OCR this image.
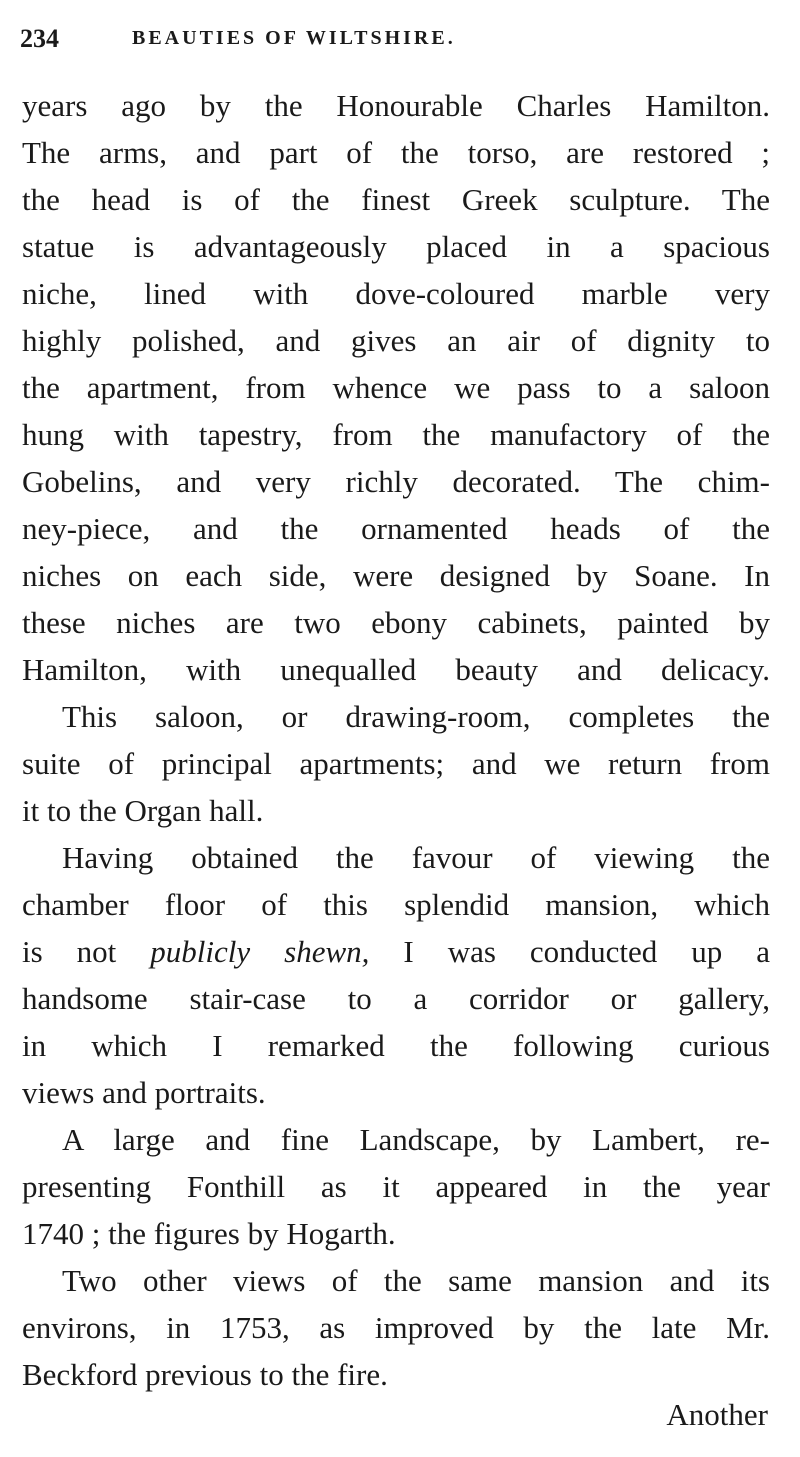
234	BEAUTIES OF WILTSHIRE.
years ago by the Honourable Charles Hamilton.
The arms, and part of the torso, are restored ;
the head is of the finest Greek sculpture. The
statue is advantageously placed in a spacious
niche, lined with dove-coloured marble very
highly polished, and gives an air of dignity to
the apartment, from whence we pass to a saloon
hung with tapestry, from the manufactory of the
Gobelins, and very richly decorated. The chim-
ney-piece, and the ornamented heads of the
niches on each side, were designed by Soane. In
these niches are two ebony cabinets, painted by
Hamilton, with unequalled beauty and delicacy.
This saloon, or drawing-room, completes the
suite of principal apartments; and we return from
it to the Organ hall.
Having obtained the favour of viewing the
chamber floor of this splendid mansion, which
is not publicly shewn, I was conducted up a
handsome stair-case to a corridor or gallery,
in which I remarked the following curious
views and portraits.
A large and fine Landscape, by Lambert, re-
presenting Fonthill as it appeared in the year
1740 ; the figures by Hogarth.
Two other views of the same mansion and its
environs, in 1753, as improved by the late Mr.
Beckford previous to the fire.
Another
